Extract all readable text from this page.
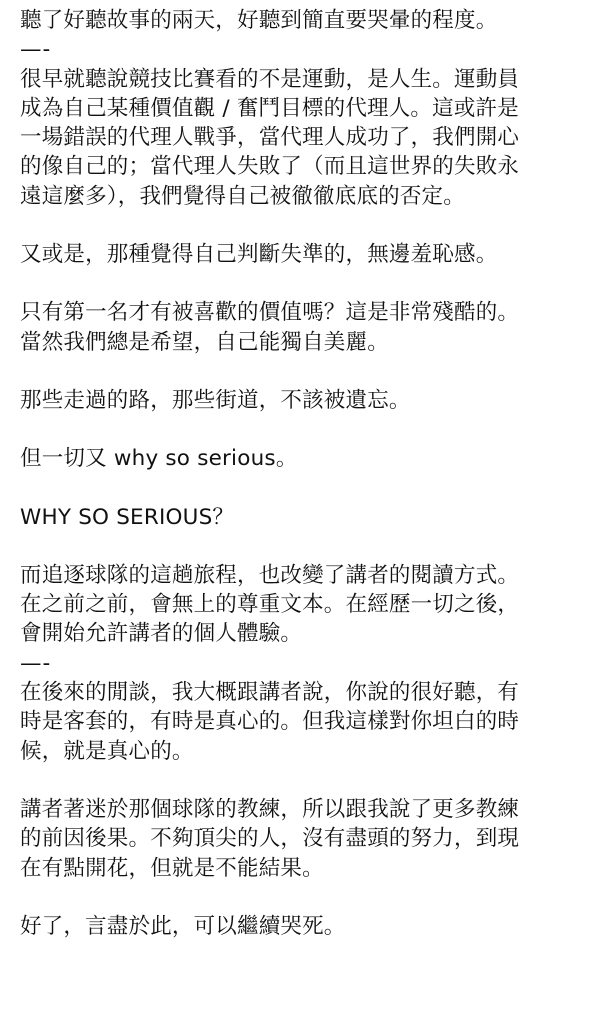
聽了好聽故事的兩天，好聽到簡直要哭暈的程度。

—-

很早就聽說競技比賽看的不是運動，是人生。運動員
成為自己某種價值觀 / 奮鬥目標的代理人。這或許是
一場錯誤的代理人戰爭，當代理人成功了，我們開心
的像自己的；當代理人失敗了（而且這世界的失敗永
遠這麼多），我們覺得自己被徹徹底底的否定。

又或是，那種覺得自己判斷失準的，無邊羞恥感。

只有第一名才有被喜歡的價值嗎？這是非常殘酷的。
當然我們總是希望，自己能獨自美麗。

那些走過的路，那些街道，不該被遺忘。

但一切又 why so serious。

WHY SO SERIOUS？

而追逐球隊的這趟旅程，也改變了講者的閱讀方式。
在之前之前，會無上的尊重文本。在經歷一切之後，
會開始允許講者的個人體驗。

—-

在後來的閒談，我大概跟講者說，你說的很好聽，有
時是客套的，有時是真心的。但我這樣對你坦白的時
候，就是真心的。

講者著迷於那個球隊的教練，所以跟我說了更多教練
的前因後果。不夠頂尖的人，沒有盡頭的努力，到現
在有點開花，但就是不能結果。

好了，言盡於此，可以繼續哭死。
